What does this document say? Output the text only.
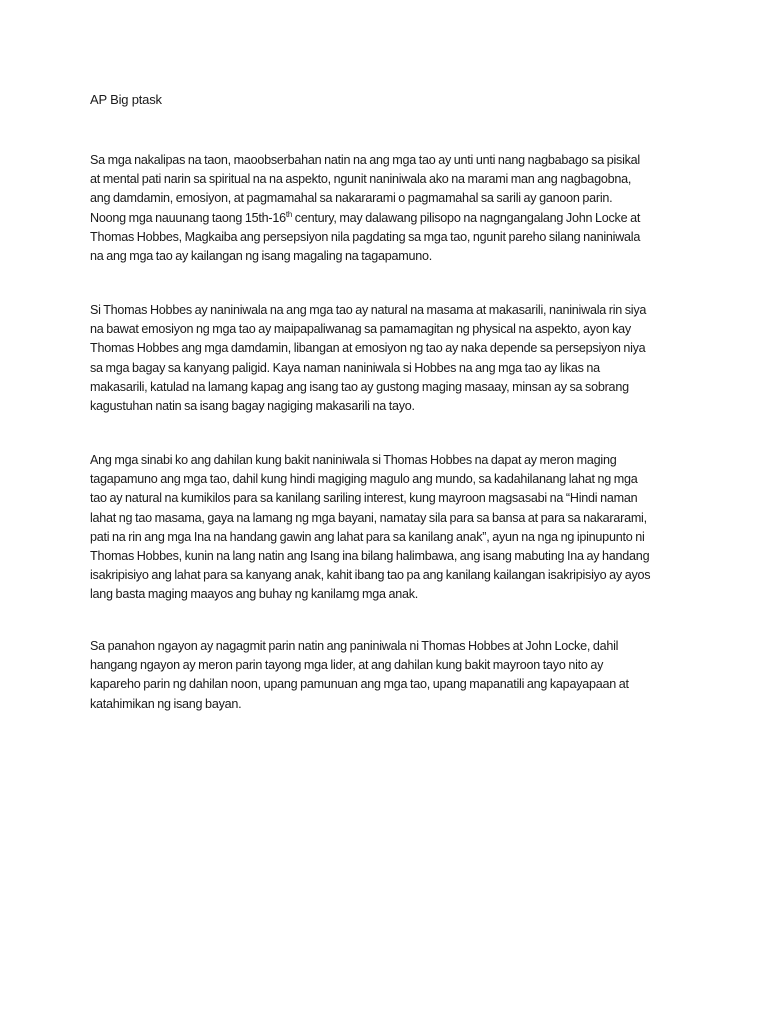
AP Big ptask

Sa mga nakalipas na taon, maoobserbahan natin na ang mga tao ay unti unti nang nagbabago sa pisikal
at mental pati narin sa spiritual na na aspekto, ngunit naniniwala ako na marami man ang nagbagobna,
ang damdamin, emosiyon, at pagmamahal sa nakararami o pagmamahal sa sarili ay ganoon parin.
Noong mga nauunang taong 15th-16th century, may dalawang pilisopo na nagngangalang John Locke at
Thomas Hobbes, Magkaiba ang persepsiyon nila pagdating sa mga tao, ngunit pareho silang naniniwala
na ang mga tao ay kailangan ng isang magaling na tagapamuno.

Si Thomas Hobbes ay naniniwala na ang mga tao ay natural na masama at makasarili, naniniwala rin siya
na bawat emosiyon ng mga tao ay maipapaliwanag sa pamamagitan ng physical na aspekto, ayon kay
Thomas Hobbes ang mga damdamin, libangan at emosiyon ng tao ay naka depende sa persepsiyon niya
sa mga bagay sa kanyang paligid. Kaya naman naniniwala si Hobbes na ang mga tao ay likas na
makasarili, katulad na lamang kapag ang isang tao ay gustong maging masaay, minsan ay sa sobrang
kagustuhan natin sa isang bagay nagiging makasarili na tayo.

Ang mga sinabi ko ang dahilan kung bakit naniniwala si Thomas Hobbes na dapat ay meron maging
tagapamuno ang mga tao, dahil kung hindi magiging magulo ang mundo, sa kadahilanang lahat ng mga
tao ay natural na kumikilos para sa kanilang sariling interest, kung mayroon magsasabi na “Hindi naman
lahat ng tao masama, gaya na lamang ng mga bayani, namatay sila para sa bansa at para sa nakararami,
pati na rin ang mga Ina na handang gawin ang lahat para sa kanilang anak”, ayun na nga ng ipinupunto ni
Thomas Hobbes, kunin na lang natin ang Isang ina bilang halimbawa, ang isang mabuting Ina ay handang
isakripisiyo ang lahat para sa kanyang anak, kahit ibang tao pa ang kanilang kailangan isakripisiyo ay ayos
lang basta maging maayos ang buhay ng kanilamg mga anak.

Sa panahon ngayon ay nagagmit parin natin ang paniniwala ni Thomas Hobbes at John Locke, dahil
hangang ngayon ay meron parin tayong mga lider, at ang dahilan kung bakit mayroon tayo nito ay
kapareho parin ng dahilan noon, upang pamunuan ang mga tao, upang mapanatili ang kapayapaan at
katahimikan ng isang bayan.
